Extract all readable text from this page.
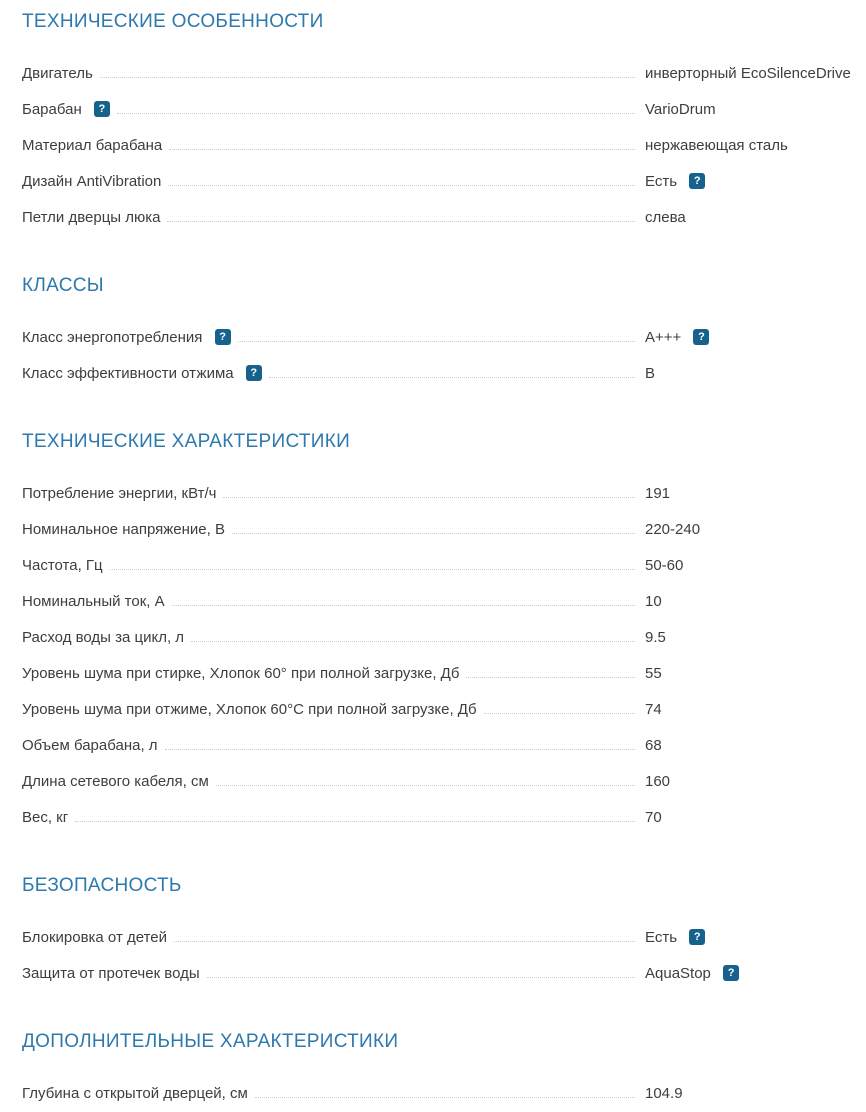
ТЕХНИЧЕСКИЕ ОСОБЕННОСТИ
Двигатель	инверторный EcoSilenceDrive
Барабан ?	VarioDrum
Материал барабана	нержавеющая сталь
Дизайн AntiVibration	Есть ?
Петли дверцы люка	слева
КЛАССЫ
Класс энергопотребления ?	A+++ ?
Класс эффективности отжима ?	B
ТЕХНИЧЕСКИЕ ХАРАКТЕРИСТИКИ
Потребление энергии, кВт/ч	191
Номинальное напряжение, В	220-240
Частота, Гц	50-60
Номинальный ток, А	10
Расход воды за цикл, л	9.5
Уровень шума при стирке, Хлопок 60° при полной загрузке, Дб	55
Уровень шума при отжиме, Хлопок 60°С при полной загрузке, Дб	74
Объем барабана, л	68
Длина сетевого кабеля, см	160
Вес, кг	70
БЕЗОПАСНОСТЬ
Блокировка от детей	Есть ?
Защита от протечек воды	AquaStop ?
ДОПОЛНИТЕЛЬНЫЕ ХАРАКТЕРИСТИКИ
Глубина с открытой дверцей, см	104.9
